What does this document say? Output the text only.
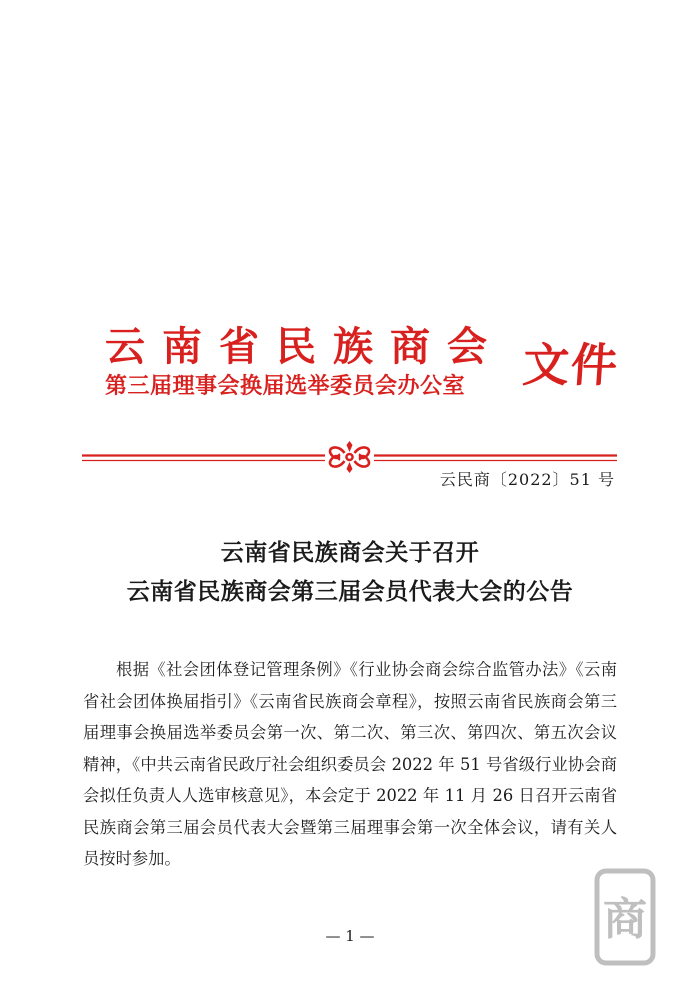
云南省民族商会
第三届理事会换届选举委员会办公室	文件
云民商〔2022〕51 号
云南省民族商会关于召开
云南省民族商会第三届会员代表大会的公告

根据《社会团体登记管理条例》《行业协会商会综合监管办法》《云南省社会团体换届指引》《云南省民族商会章程》，按照云南省民族商会第三届理事会换届选举委员会第一次、第二次、第三次、第四次、第五次会议精神，《中共云南省民政厅社会组织委员会 2022 年 51 号省级行业协会商会拟任负责人人选审核意见》，本会定于 2022 年 11 月 26 日召开云南省民族商会第三届会员代表大会暨第三届理事会第一次全体会议，请有关人员按时参加。

— 1 —	商
